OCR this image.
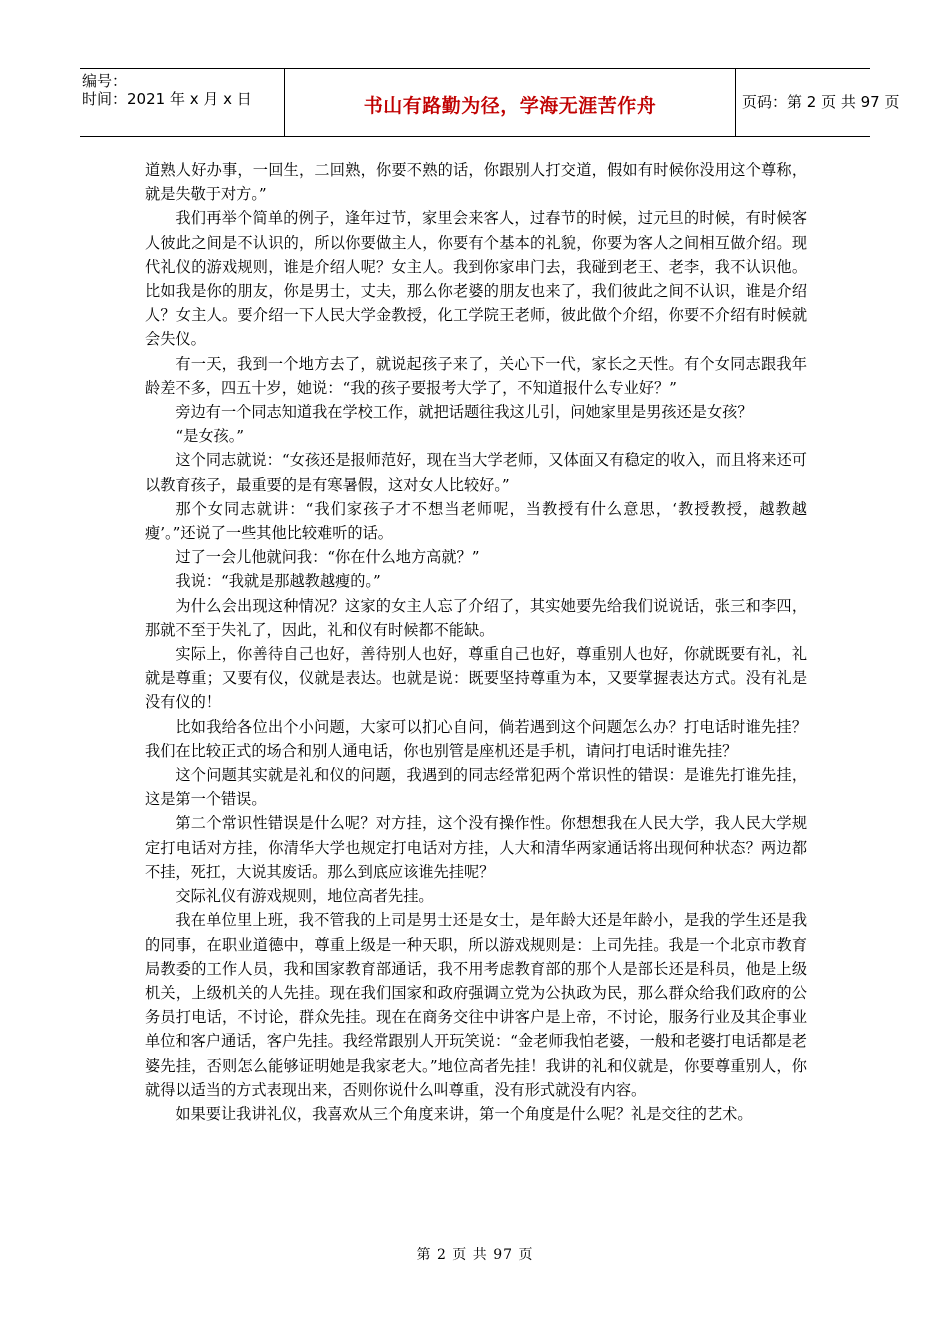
编号：
时间：2021 年 x 月 x 日	书山有路勤为径，学海无涯苦作舟	页码：第 2 页 共 97 页

道熟人好办事，一回生，二回熟，你要不熟的话，你跟别人打交道，假如有时候你没用这个尊称，就是失敬于对方。”

我们再举个简单的例子，逢年过节，家里会来客人，过春节的时候，过元旦的时候，有时候客人彼此之间是不认识的，所以你要做主人，你要有个基本的礼貌，你要为客人之间相互做介绍。现代礼仪的游戏规则，谁是介绍人呢？女主人。我到你家串门去，我碰到老王、老李，我不认识他。比如我是你的朋友，你是男士，丈夫，那么你老婆的朋友也来了，我们彼此之间不认识，谁是介绍人？女主人。要介绍一下人民大学金教授，化工学院王老师，彼此做个介绍，你要不介绍有时候就会失仪。

有一天，我到一个地方去了，就说起孩子来了，关心下一代，家长之天性。有个女同志跟我年龄差不多，四五十岁，她说：“我的孩子要报考大学了，不知道报什么专业好？”

旁边有一个同志知道我在学校工作，就把话题往我这儿引，问她家里是男孩还是女孩？

“是女孩。”

这个同志就说：“女孩还是报师范好，现在当大学老师，又体面又有稳定的收入，而且将来还可以教育孩子，最重要的是有寒暑假，这对女人比较好。”

那个女同志就讲：“我们家孩子才不想当老师呢，当教授有什么意思，‘教授教授，越教越瘦’。”还说了一些其他比较难听的话。

过了一会儿他就问我：“你在什么地方高就？”

我说：“我就是那越教越瘦的。”

为什么会出现这种情况？这家的女主人忘了介绍了，其实她要先给我们说说话，张三和李四，那就不至于失礼了，因此，礼和仪有时候都不能缺。

实际上，你善待自己也好，善待别人也好，尊重自己也好，尊重别人也好，你就既要有礼，礼就是尊重；又要有仪，仪就是表达。也就是说：既要坚持尊重为本，又要掌握表达方式。没有礼是没有仪的！

比如我给各位出个小问题，大家可以扪心自问，倘若遇到这个问题怎么办？打电话时谁先挂？我们在比较正式的场合和别人通电话，你也别管是座机还是手机，请问打电话时谁先挂？

这个问题其实就是礼和仪的问题，我遇到的同志经常犯两个常识性的错误：是谁先打谁先挂，这是第一个错误。

第二个常识性错误是什么呢？对方挂，这个没有操作性。你想想我在人民大学，我人民大学规定打电话对方挂，你清华大学也规定打电话对方挂，人大和清华两家通话将出现何种状态？两边都不挂，死扛，大说其废话。那么到底应该谁先挂呢？

交际礼仪有游戏规则，地位高者先挂。

我在单位里上班，我不管我的上司是男士还是女士，是年龄大还是年龄小，是我的学生还是我的同事，在职业道德中，尊重上级是一种天职，所以游戏规则是：上司先挂。我是一个北京市教育局教委的工作人员，我和国家教育部通话，我不用考虑教育部的那个人是部长还是科员，他是上级机关，上级机关的人先挂。现在我们国家和政府强调立党为公执政为民，那么群众给我们政府的公务员打电话，不讨论，群众先挂。现在在商务交往中讲客户是上帝，不讨论，服务行业及其企事业单位和客户通话，客户先挂。我经常跟别人开玩笑说：“金老师我怕老婆，一般和老婆打电话都是老婆先挂，否则怎么能够证明她是我家老大。”地位高者先挂！我讲的礼和仪就是，你要尊重别人，你就得以适当的方式表现出来，否则你说什么叫尊重，没有形式就没有内容。

如果要让我讲礼仪，我喜欢从三个角度来讲，第一个角度是什么呢？礼是交往的艺术。

第 2 页 共 97 页
